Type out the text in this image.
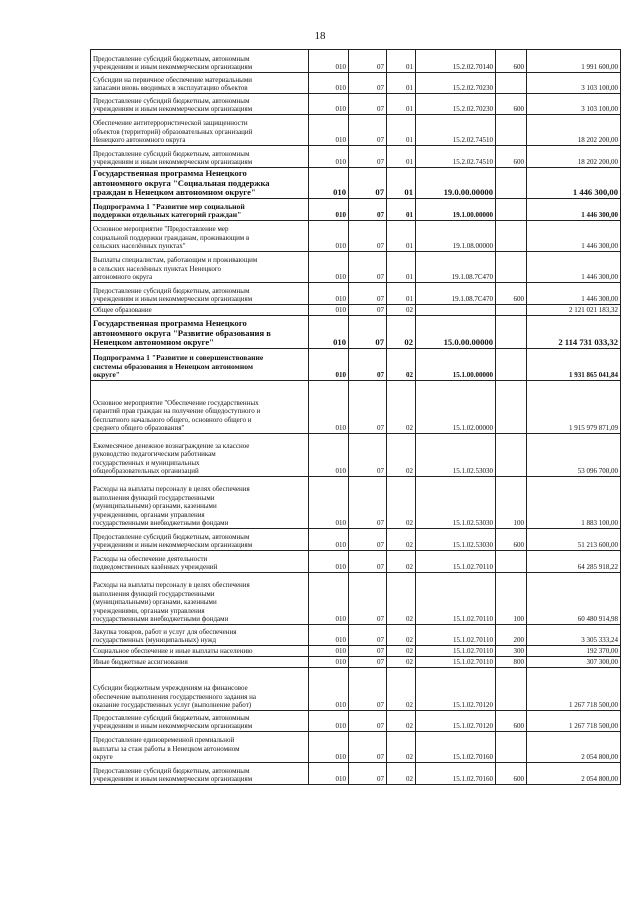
18
Предоставление субсидий бюджетным, автономным
учреждениям и иным некоммерческим организациям	010	07	01	15.2.02.70140	600	1 991 600,00

Субсидии на первичное обеспечение материальными
запасами вновь вводимых в эксплуатацию объектов	010	07	01	15.2.02.70230		3 103 100,00

Предоставление субсидий бюджетным, автономным
учреждениям и иным некоммерческим организациям	010	07	01	15.2.02.70230	600	3 103 100,00

Обеспечение антитеррористической защищенности
объектов (территорий) образовательных организаций
Ненецкого автономного округа	010	07	01	15.2.02.74510		18 202 200,00

Предоставление субсидий бюджетным, автономным
учреждениям и иным некоммерческим организациям	010	07	01	15.2.02.74510	600	18 202 200,00

Государственная программа Ненецкого
автономного округа "Социальная поддержка
граждан в Ненецком автономном округе"	010	07	01	19.0.00.00000		1 446 300,00

Подпрограмма 1 "Развитие мер социальной
поддержки отдельных категорий граждан"	010	07	01	19.1.00.00000		1 446 300,00

Основное мероприятие "Предоставление мер
социальной поддержки гражданам, проживающим в
сельских населённых пунктах"	010	07	01	19.1.08.00000		1 446 300,00

Выплаты специалистам, работающим и проживающим
в сельских населённых пунктах Ненецкого
автономного округа	010	07	01	19.1.08.7С470		1 446 300,00

Предоставление субсидий бюджетным, автономным
учреждениям и иным некоммерческим организациям	010	07	01	19.1.08.7С470	600	1 446 300,00

Общее образование	010	07	02			2 121 021 183,32

Государственная программа Ненецкого
автономного округа "Развитие образования в
Ненецком автономном округе"	010	07	02	15.0.00.00000		2 114 731 033,32

Подпрограмма 1 "Развитие и совершенствование
системы образования в Ненецком автономном
округе"	010	07	02	15.1.00.00000		1 931 865 041,84

Основное мероприятие "Обеспечение государственных
гарантий прав граждан на получение общедоступного и
бесплатного начального общего, основного общего и
среднего общего образования"	010	07	02	15.1.02.00000		1 915 979 871,09

Ежемесячное денежное вознаграждение за классное
руководство педагогическим работникам
государственных и муниципальных
общеобразовательных организаций	010	07	02	15.1.02.53030		53 096 700,00

Расходы на выплаты персоналу в целях обеспечения
выполнения функций государственными
(муниципальными) органами, казенными
учреждениями, органами управления
государственными внебюджетными фондами	010	07	02	15.1.02.53030	100	1 883 100,00

Предоставление субсидий бюджетным, автономным
учреждениям и иным некоммерческим организациям	010	07	02	15.1.02.53030	600	51 213 600,00

Расходы на обеспечение деятельности
подведомственных казённых учреждений	010	07	02	15.1.02.70110		64 285 918,22

Расходы на выплаты персоналу в целях обеспечения
выполнения функций государственными
(муниципальными) органами, казенными
учреждениями, органами управления
государственными внебюджетными фондами	010	07	02	15.1.02.70110	100	60 480 914,98

Закупка товаров, работ и услуг для обеспечения
государственных (муниципальных) нужд	010	07	02	15.1.02.70110	200	3 305 333,24

Социальное обеспечение и иные выплаты населению	010	07	02	15.1.02.70110	300	192 370,00

Иные бюджетные ассигнования	010	07	02	15.1.02.70110	800	307 300,00

Субсидии бюджетным учреждениям на финансовое
обеспечение выполнения государственного задания на
оказание государственных услуг (выполнение работ)	010	07	02	15.1.02.70120		1 267 718 500,00

Предоставление субсидий бюджетным, автономным
учреждениям и иным некоммерческим организациям	010	07	02	15.1.02.70120	600	1 267 718 500,00

Предоставление единовременной премиальной
выплаты за стаж работы в Ненецком автономном
округе	010	07	02	15.1.02.70160		2 054 800,00

Предоставление субсидий бюджетным, автономным
учреждениям и иным некоммерческим организациям	010	07	02	15.1.02.70160	600	2 054 800,00
